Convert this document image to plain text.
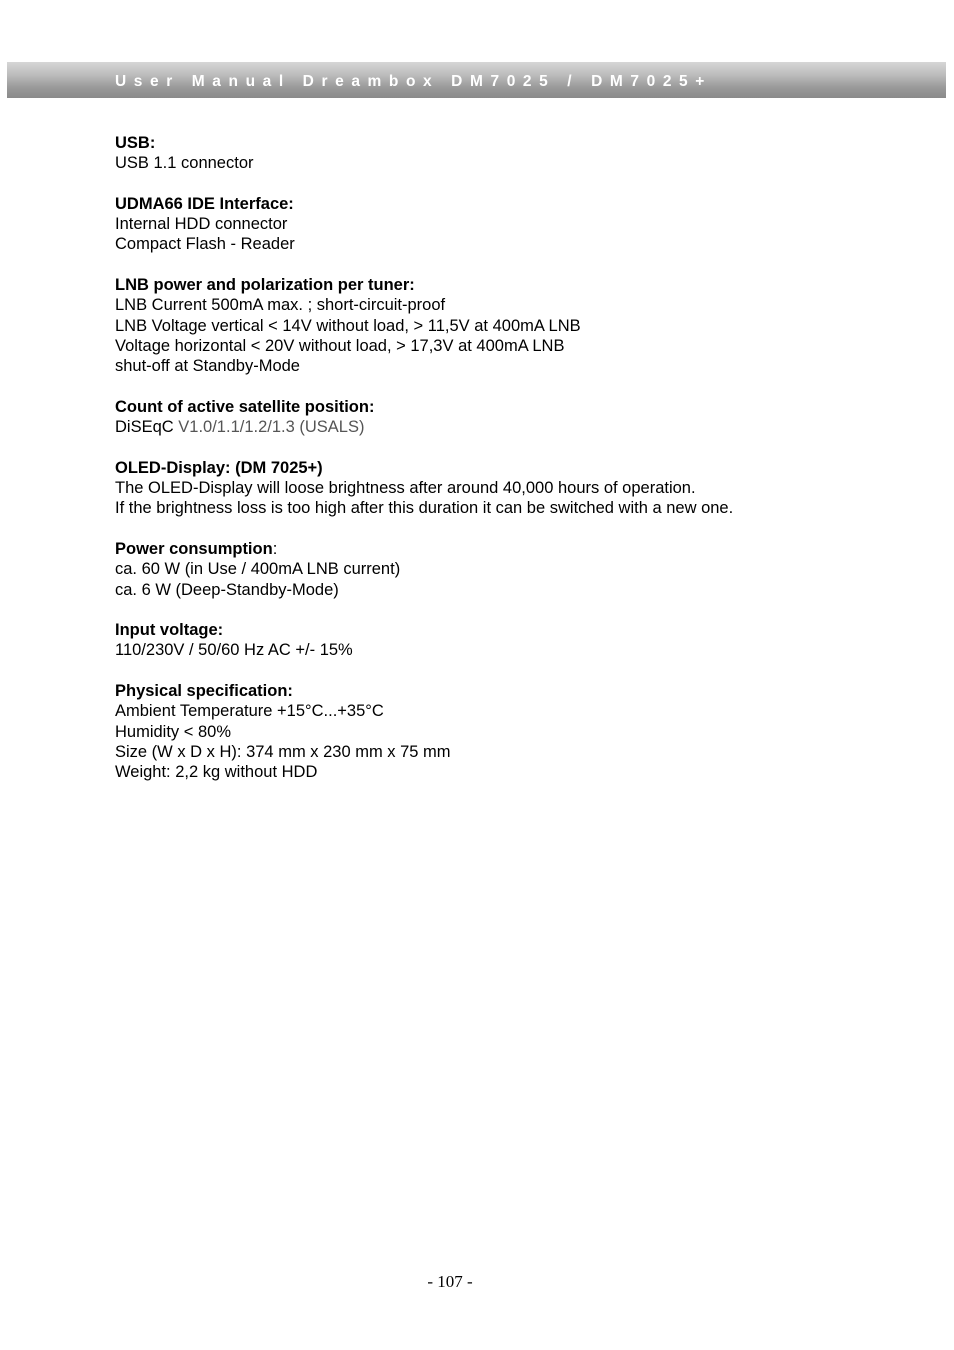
User Manual Dreambox DM7025 / DM7025+
USB:
USB 1.1 connector
UDMA66 IDE Interface:
Internal HDD connector
Compact Flash - Reader
LNB power and polarization per tuner:
LNB Current 500mA max. ; short-circuit-proof
LNB Voltage vertical < 14V without load, > 11,5V at 400mA LNB
Voltage horizontal < 20V without load, > 17,3V at 400mA LNB
shut-off at Standby-Mode
Count of active satellite position:
DiSEqC V1.0/1.1/1.2/1.3 (USALS)
OLED-Display: (DM 7025+)
The OLED-Display will loose brightness after around 40,000 hours of operation.
If the brightness loss is too high after this duration it can be switched with a new one.
Power consumption:
ca. 60 W (in Use / 400mA LNB current)
ca. 6 W (Deep-Standby-Mode)
Input voltage:
110/230V / 50/60 Hz AC +/- 15%
Physical specification:
Ambient Temperature +15°C...+35°C
Humidity < 80%
Size (W x D x H): 374 mm x 230 mm x 75 mm
Weight: 2,2 kg without HDD
- 107 -
